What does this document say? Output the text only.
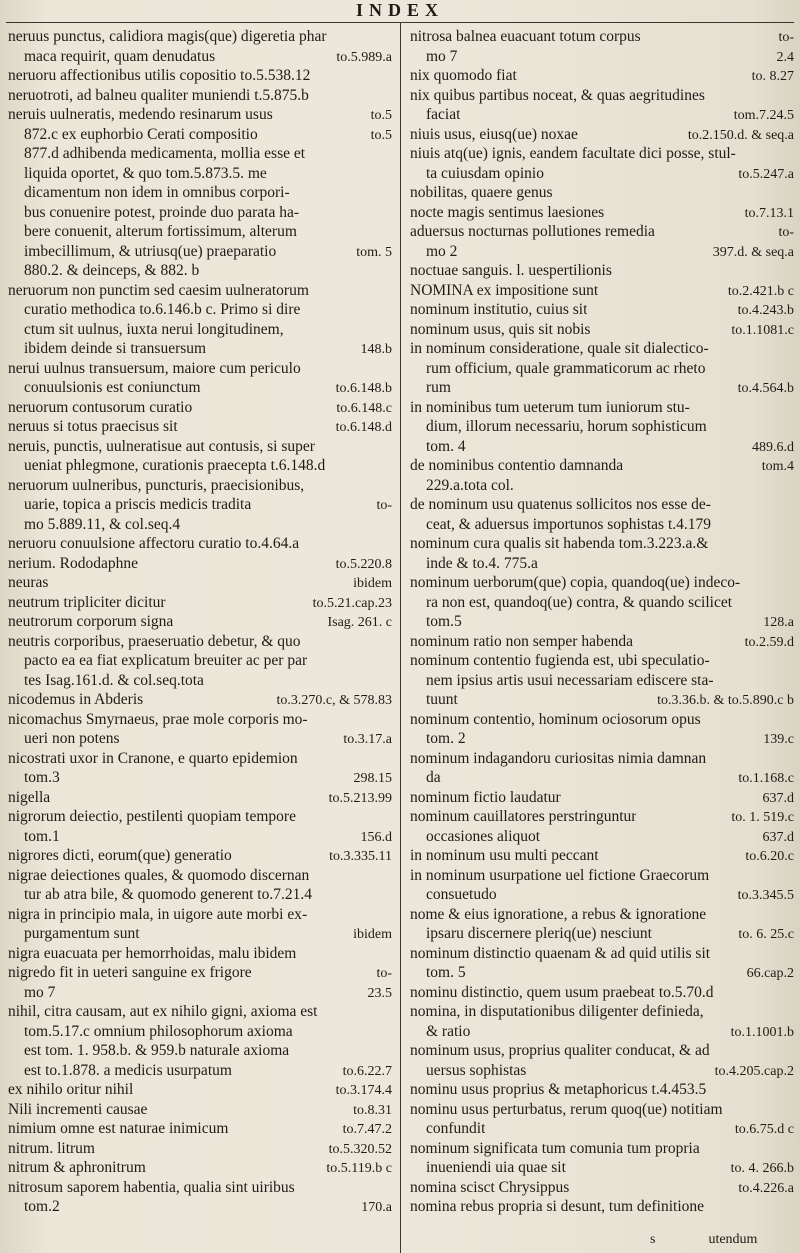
INDEX
neruus punctus, calidiora magis(que) digeretia phar
maca requirit, quam denudatus	to.5.989.a
neruoru affectionibus utilis copositio to.5.538.12
neruotroti, ad balneu qualiter muniendi t.5.875.b
neruis uulneratis, medendo resinarum usus	to.5
872.c ex euphorbio Cerati compositio	to.5
877.d adhibenda medicamenta, mollia esse et
liquida oportet, & quo tom.5.873.5. me
dicamentum non idem in omnibus corpori-
bus conuenire potest, proinde duo parata ha-
bere conuenit, alterum fortissimum, alterum
imbecillimum, & utriusq(ue) praeparatio	tom. 5
880.2. & deinceps, & 882. b
neruorum non punctim sed caesim uulneratorum
curatio methodica to.6.146.b c. Primo si dire
ctum sit uulnus, iuxta nerui longitudinem,
ibidem deinde si transuersum	148.b
nerui uulnus transuersum, maiore cum periculo
conuulsionis est coniunctum	to.6.148.b
neruorum contusorum curatio	to.6.148.c
neruus si totus praecisus sit	to.6.148.d
neruis, punctis, uulneratisue aut contusis, si super
ueniat phlegmone, curationis praecepta t.6.148.d
neruorum uulneribus, puncturis, praecisionibus,
uarie, topica a priscis medicis tradita	to-
mo 5.889.11, & col.seq.4
neruoru conuulsione affectoru curatio to.4.64.a
nerium. Rododaphne	to.5.220.8
neuras	ibidem
neutrum tripliciter dicitur	to.5.21.cap.23
neutrorum corporum signa	Isag. 261. c
neutris corporibus, praeseruatio debetur, & quo
pacto ea ea fiat explicatum breuiter ac per par
tes Isag.161.d. & col.seq.tota
nicodemus in Abderis	to.3.270.c, & 578.83
nicomachus Smyrnaeus, prae mole corporis mo-
ueri non potens	to.3.17.a
nicostrati uxor in Cranone, e quarto epidemion
tom.3	298.15
nigella	to.5.213.99
nigrorum deiectio, pestilenti quopiam tempore
tom.1	156.d
nigrores dicti, eorum(que) generatio	to.3.335.11
nigrae deiectiones quales, & quomodo discernan
tur ab atra bile, & quomodo generent to.7.21.4
nigra in principio mala, in uigore aute morbi ex-
purgamentum sunt	ibidem
nigra euacuata per hemorrhoidas, malu ibidem
nigredo fit in ueteri sanguine ex frigore	to-
mo 7	23.5
nihil, citra causam, aut ex nihilo gigni, axioma est
tom.5.17.c omnium philosophorum axioma
est tom. 1. 958.b. & 959.b naturale axioma
est to.1.878. a medicis usurpatum	to.6.22.7
ex nihilo oritur nihil	to.3.174.4
Nili incrementi causae	to.8.31
nimium omne est naturae inimicum	to.7.47.2
nitrum. litrum	to.5.320.52
nitrum & aphronitrum	to.5.119.b c
nitrosum saporem habentia, qualia sint uiribus
tom.2	170.a
nitrosa balnea euacuant totum corpus	to-
mo 7	2.4
nix quomodo fiat	to. 8.27
nix quibus partibus noceat, & quas aegritudines
faciat	tom.7.24.5
niuis usus, eiusq(ue) noxae	to.2.150.d. & seq.a
niuis atq(ue) ignis, eandem facultate dici posse, stul-
ta cuiusdam opinio	to.5.247.a
nobilitas, quaere genus
nocte magis sentimus laesiones	to.7.13.1
aduersus nocturnas pollutiones remedia	to-
mo 2	397.d. & seq.a
noctuae sanguis. l. uespertilionis
NOMINA ex impositione sunt	to.2.421.b c
nominum institutio, cuius sit	to.4.243.b
nominum usus, quis sit nobis	to.1.1081.c
in nominum consideratione, quale sit dialectico-
rum officium, quale grammaticorum ac rheto
rum	to.4.564.b
in nominibus tum ueterum tum iuniorum stu-
dium, illorum necessariu, horum sophisticum
tom. 4	489.6.d
de nominibus contentio damnanda	tom.4
229.a.tota col.
de nominum usu quatenus sollicitos nos esse de-
ceat, & aduersus importunos sophistas t.4.179
nominum cura qualis sit habenda tom.3.223.a.&
inde & to.4. 775.a
nominum uerborum(que) copia, quandoq(ue) indeco-
ra non est, quandoq(ue) contra, & quando scilicet
tom.5	128.a
nominum ratio non semper habenda	to.2.59.d
nominum contentio fugienda est, ubi speculatio-
nem ipsius artis usui necessariam ediscere sta-
tuunt	to.3.36.b. & to.5.890.c b
nominum contentio, hominum ociosorum opus
tom. 2	139.c
nominum indagandoru curiositas nimia damnan
da	to.1.168.c
nominum fictio laudatur	637.d
nominum cauillatores perstringuntur	to. 1. 519.c
occasiones aliquot	637.d
in nominum usu multi peccant	to.6.20.c
in nominum usurpatione uel fictione Graecorum
consuetudo	to.3.345.5
nome & eius ignoratione, a rebus & ignoratione
ipsaru discernere pleriq(ue) nesciunt	to. 6. 25.c
nominum distinctio quaenam & ad quid utilis sit
tom. 5	66.cap.2
nominu distinctio, quem usum praebeat to.5.70.d
nomina, in disputationibus diligenter definieda,
& ratio	to.1.1001.b
nominum usus, proprius qualiter conducat, & ad
uersus sophistas	to.4.205.cap.2
nominu usus proprius & metaphoricus t.4.453.5
nominu usus perturbatus, rerum quoq(ue) notitiam
confundit	to.6.75.d c
nominum significata tum comunia tum propria
inueniendi uia quae sit	to. 4. 266.b
nomina scisct Chrysippus	to.4.226.a
nomina rebus propria si desunt, tum definitione
s	utendum
